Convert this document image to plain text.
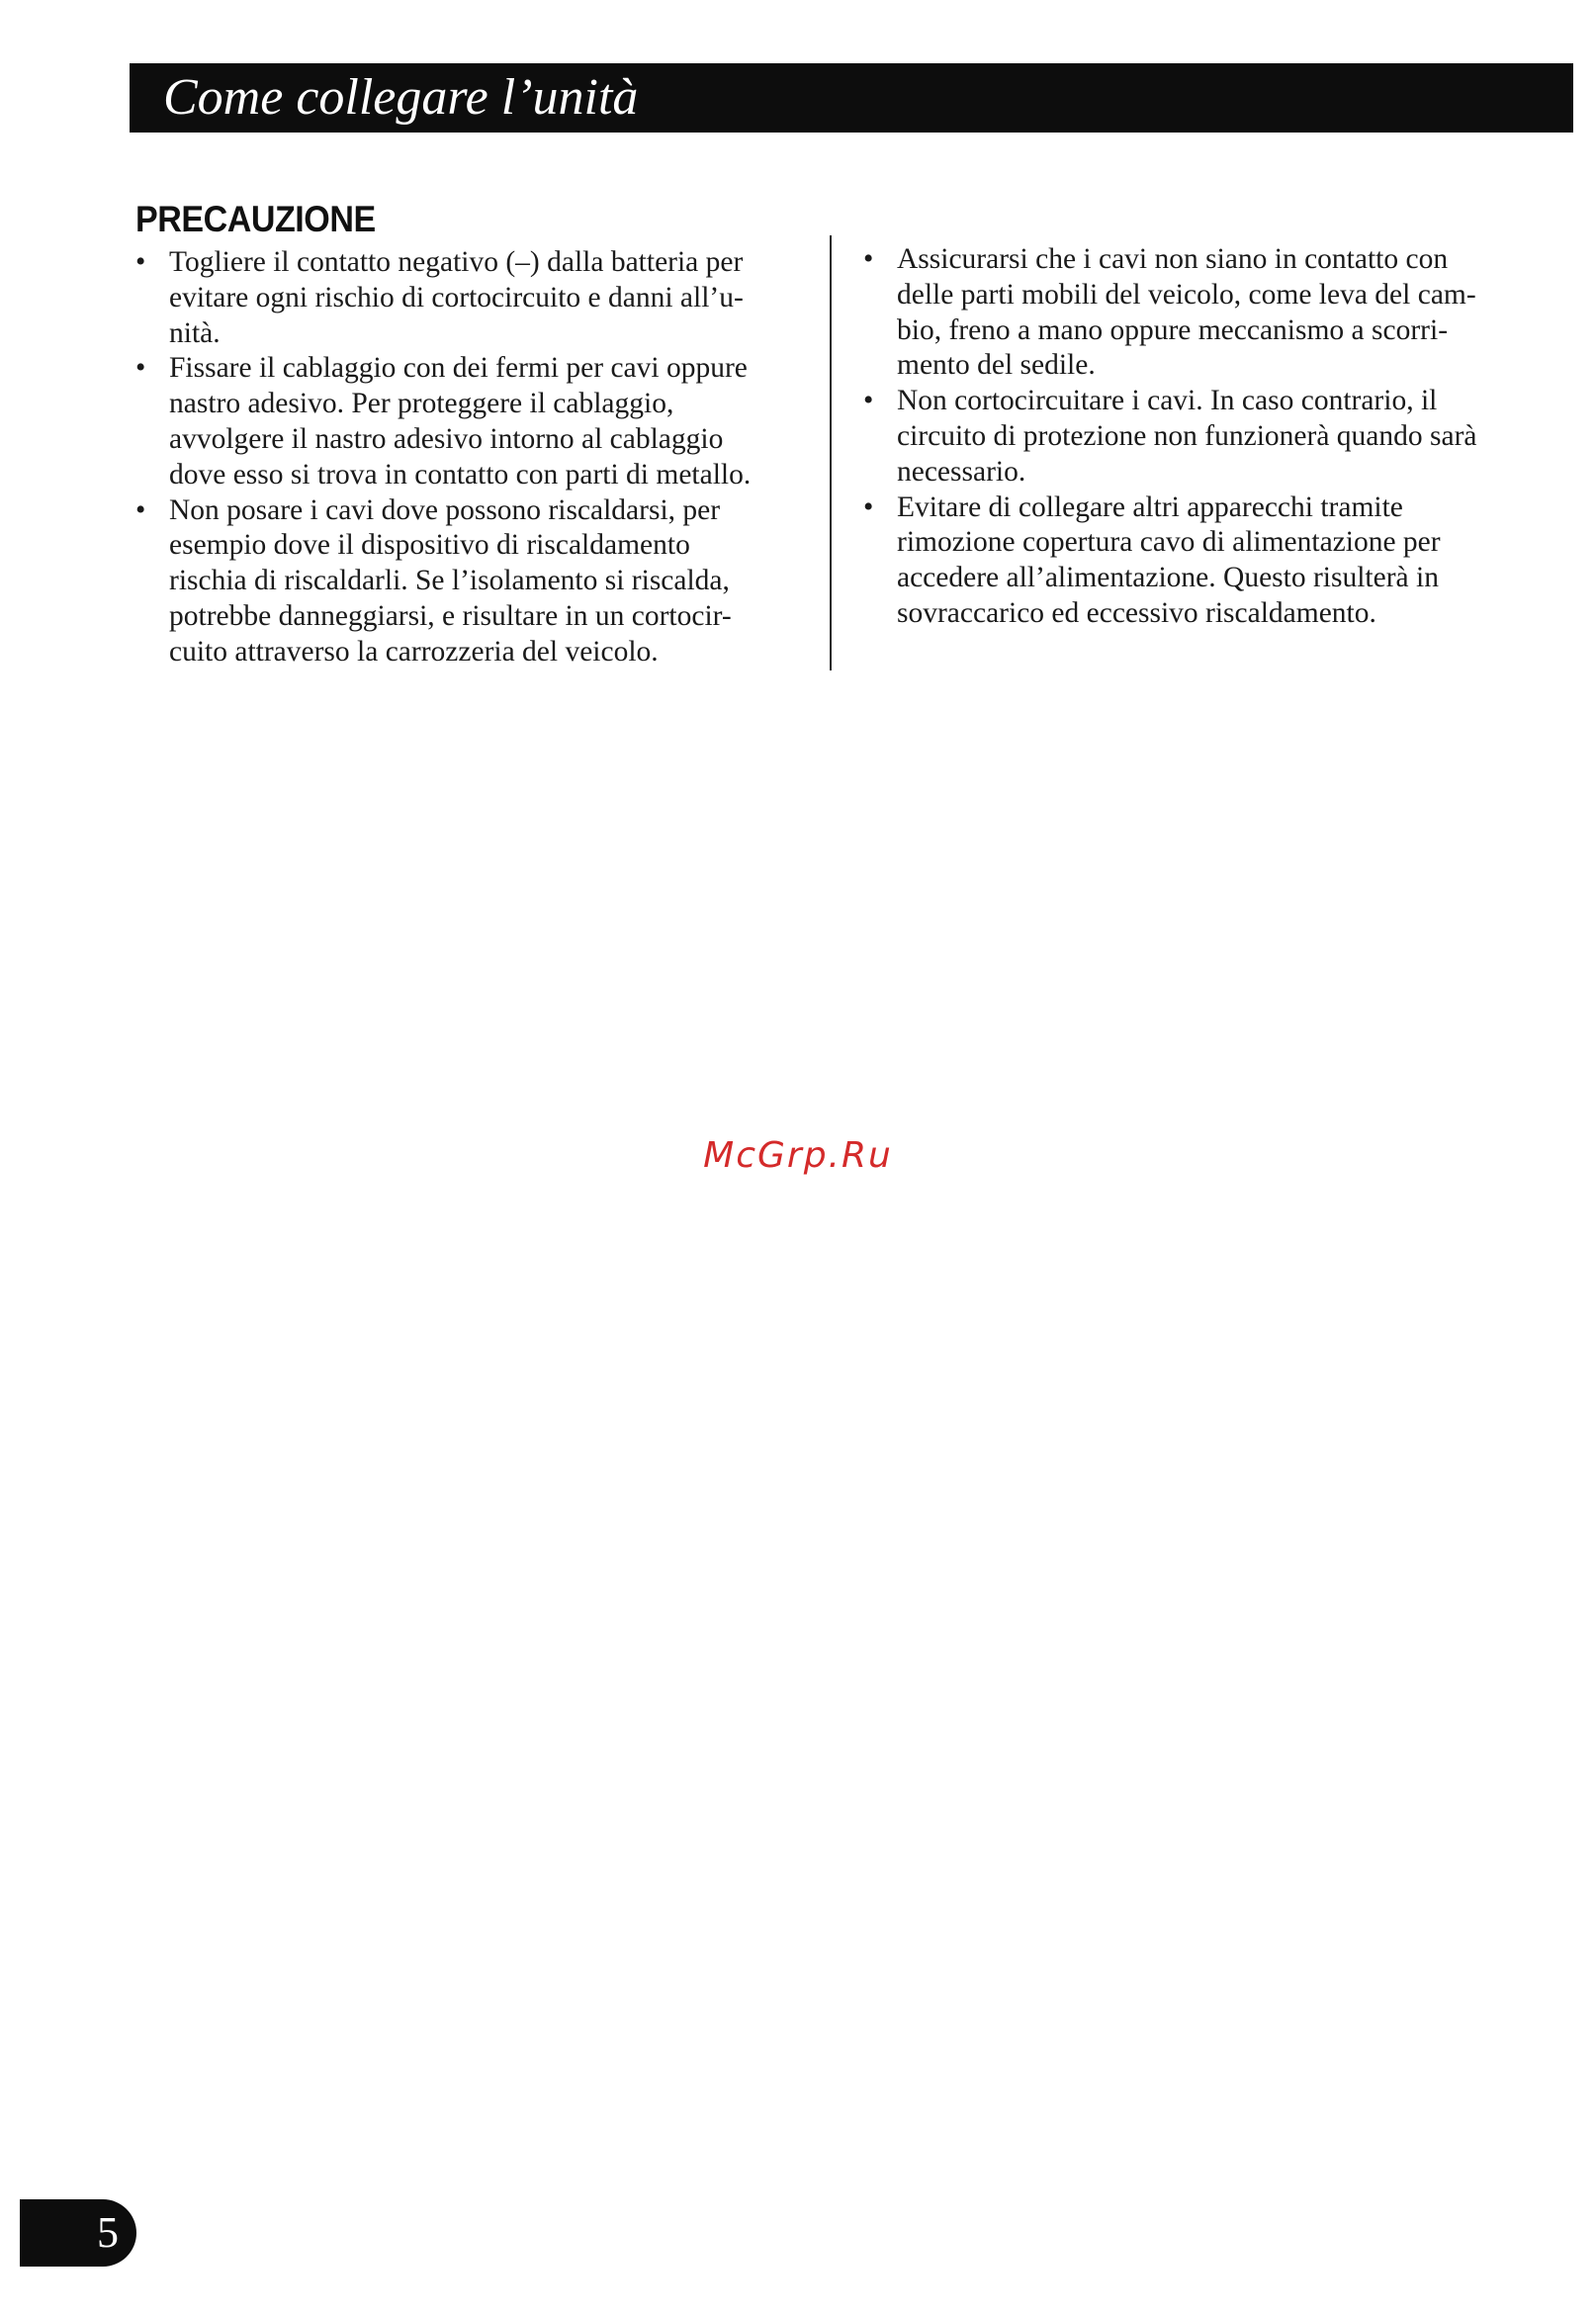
Come collegare l’unità
PRECAUZIONE
• Togliere il contatto negativo (–) dalla batteria per
evitare ogni rischio di cortocircuito e danni all’u-
nità.
• Fissare il cablaggio con dei fermi per cavi oppure
nastro adesivo. Per proteggere il cablaggio,
avvolgere il nastro adesivo intorno al cablaggio
dove esso si trova in contatto con parti di metallo.
• Non posare i cavi dove possono riscaldarsi, per
esempio dove il dispositivo di riscaldamento
rischia di riscaldarli. Se l’isolamento si riscalda,
potrebbe danneggiarsi, e risultare in un cortocir-
cuito attraverso la carrozzeria del veicolo.
• Assicurarsi che i cavi non siano in contatto con
delle parti mobili del veicolo, come leva del cam-
bio, freno a mano oppure meccanismo a scorri-
mento del sedile.
• Non cortocircuitare i cavi. In caso contrario, il
circuito di protezione non funzionerà quando sarà
necessario.
• Evitare di collegare altri apparecchi tramite
rimozione copertura cavo di alimentazione per
accedere all’alimentazione. Questo risulterà in
sovraccarico ed eccessivo riscaldamento.
McGrp.Ru
5
